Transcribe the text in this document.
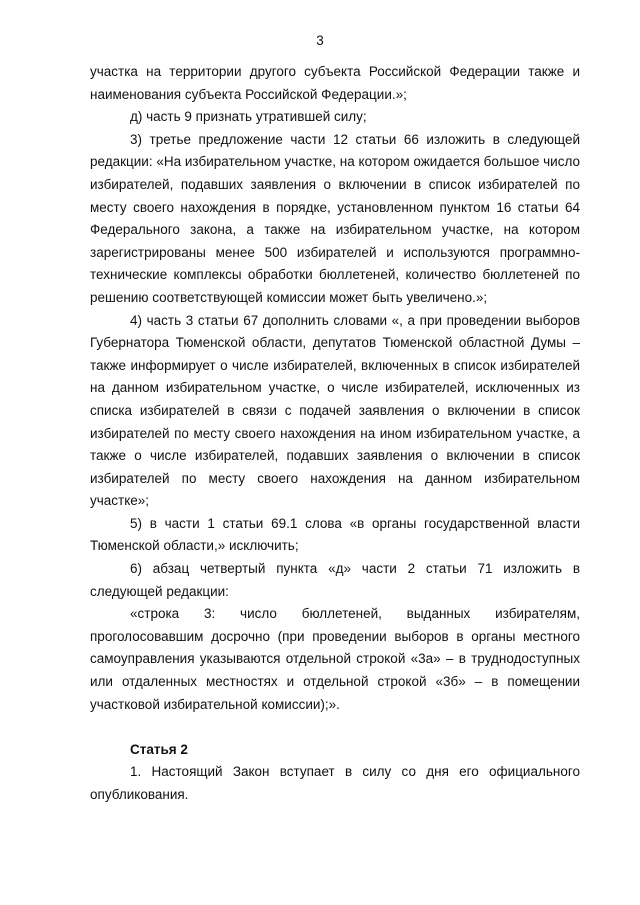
3

участка на территории другого субъекта Российской Федерации также и наименования субъекта Российской Федерации.»;

д) часть 9 признать утратившей силу;

3) третье предложение части 12 статьи 66 изложить в следующей редакции: «На избирательном участке, на котором ожидается большое число избирателей, подавших заявления о включении в список избирателей по месту своего нахождения в порядке, установленном пунктом 16 статьи 64 Федерального закона, а также на избирательном участке, на котором зарегистрированы менее 500 избирателей и используются программно-технические комплексы обработки бюллетеней, количество бюллетеней по решению соответствующей комиссии может быть увеличено.»;

4) часть 3 статьи 67 дополнить словами «, а при проведении выборов Губернатора Тюменской области, депутатов Тюменской областной Думы – также информирует о числе избирателей, включенных в список избирателей на данном избирательном участке, о числе избирателей, исключенных из списка избирателей в связи с подачей заявления о включении в список избирателей по месту своего нахождения на ином избирательном участке, а также о числе избирателей, подавших заявления о включении в список избирателей по месту своего нахождения на данном избирательном участке»;

5) в части 1 статьи 69.1 слова «в органы государственной власти Тюменской области,» исключить;

6) абзац четвертый пункта «д» части 2 статьи 71 изложить в следующей редакции:

«строка 3: число бюллетеней, выданных избирателям, проголосовавшим досрочно (при проведении выборов в органы местного самоуправления указываются отдельной строкой «3а» – в труднодоступных или отдаленных местностях и отдельной строкой «3б» – в помещении участковой избирательной комиссии);».

Статья 2

1. Настоящий Закон вступает в силу со дня его официального опубликования.
